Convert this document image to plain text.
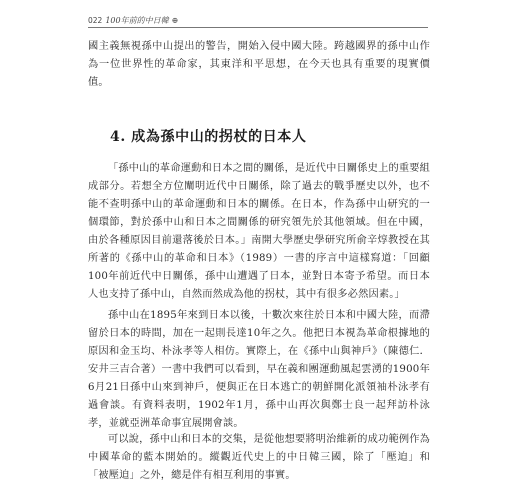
022 100年前的中日韓 ⊕

國主義無視孫中山提出的警告，開始入侵中國大陸。跨越國界的孫中山作為一位世界性的革命家，其東洋和平思想，在今天也具有重要的現實價值。

4. 成為孫中山的拐杖的日本人

「孫中山的革命運動和日本之間的關係，是近代中日關係史上的重要組成部分。若想全方位闡明近代中日關係，除了過去的戰爭歷史以外，也不能不查明孫中山的革命運動和日本的關係。在日本，作為孫中山研究的一個環節，對於孫中山和日本之間關係的研究領先於其他領域。但在中國，由於各種原因目前還落後於日本。」南開大學歷史學研究所俞辛焞教授在其所著的《孫中山的革命和日本》（1989）一書的序言中這樣寫道：「回顧100年前近代中日關係，孫中山遭遇了日本，並對日本寄予希望。而日本人也支持了孫中山，自然而然成為他的拐杖，其中有很多必然因素。」

孫中山在1895年來到日本以後，十數次來往於日本和中國大陸，而滯留於日本的時間，加在一起則長達10年之久。他把日本視為革命根據地的原因和金玉均、朴泳孝等人相仿。實際上，在《孫中山與神戶》（陳德仁．安井三吉合著）一書中我們可以看到，早在義和團運動風起雲湧的1900年6月21日孫中山來到神戶，便與正在日本逃亡的朝鮮開化派領袖朴泳孝有過會談。有資料表明，1902年1月，孫中山再次與鄭士良一起拜訪朴泳孝，並就亞洲革命事宜展開會談。

可以說，孫中山和日本的交集，是從他想要將明治維新的成功範例作為中國革命的藍本開始的。縱觀近代史上的中日韓三國，除了「壓迫」和「被壓迫」之外，總是伴有相互利用的事實。
